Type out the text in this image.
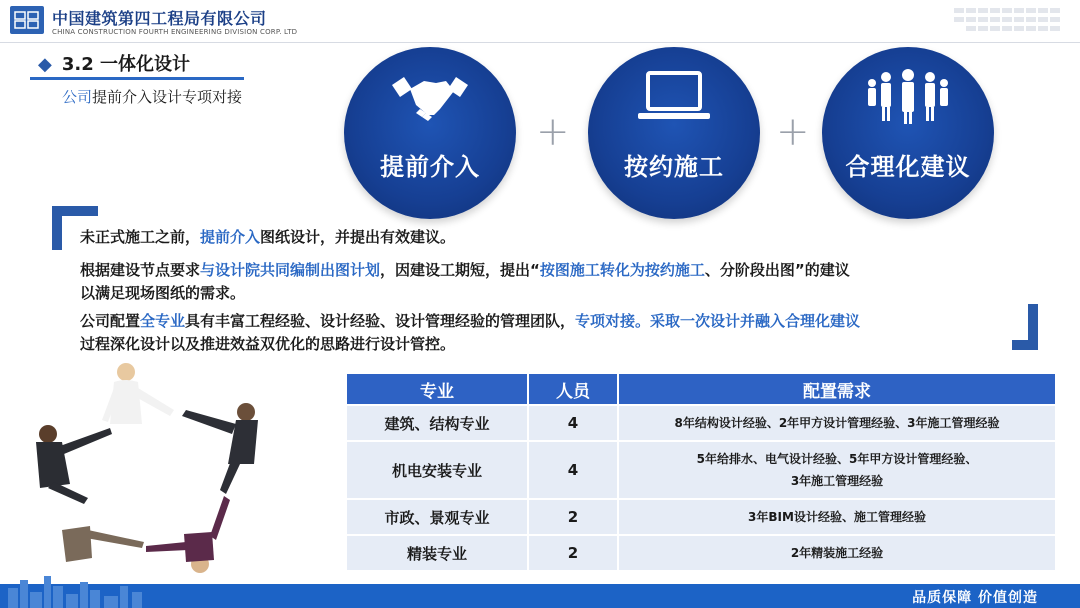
中国建筑第四工程局有限公司
CHINA CONSTRUCTION FOURTH ENGINEERING DIVISION CORP. LTD
◆ 3.2 一体化设计
公司提前介入设计专项对接
提前介入
+
按约施工
+
合理化建议
未正式施工之前，提前介入图纸设计，并提出有效建议。
根据建设节点要求与设计院共同编制出图计划，因建设工期短，提出“按图施工转化为按约施工、分阶段出图”的建议
以满足现场图纸的需求。
公司配置全专业具有丰富工程经验、设计经验、设计管理经验的管理团队，专项对接。采取一次设计并融入合理化建议
过程深化设计以及推进效益双优化的思路进行设计管控。
专业	人员	配置需求
建筑、结构专业	4	8年结构设计经验、2年甲方设计管理经验、3年施工管理经验
机电安装专业	4	5年给排水、电气设计经验、5年甲方设计管理经验、
3年施工管理经验
市政、景观专业	2	3年BIM设计经验、施工管理经验
精装专业	2	2年精装施工经验
品质保障 价值创造
